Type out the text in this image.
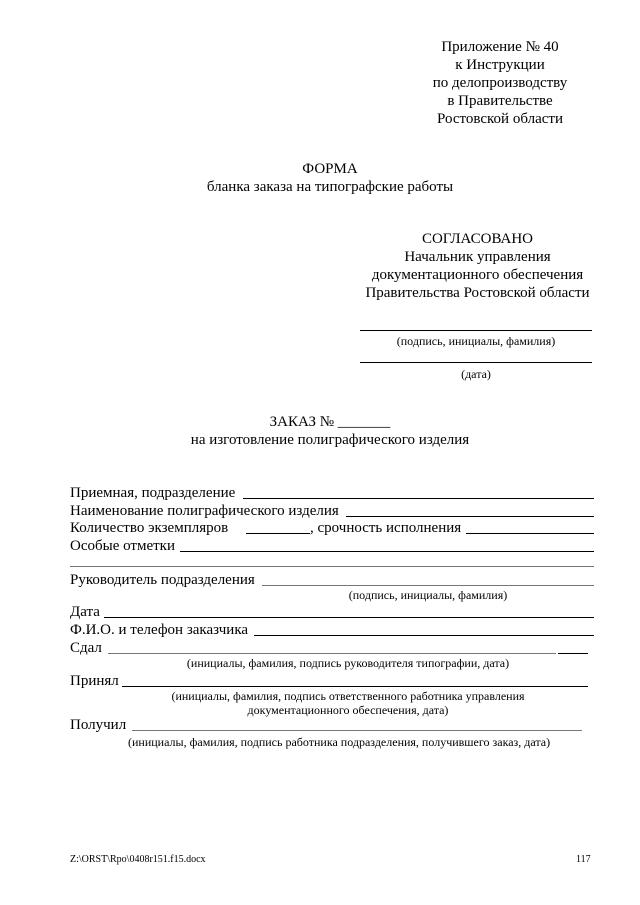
Приложение № 40
к Инструкции
по делопроизводству
в Правительстве
Ростовской области
ФОРМА
бланка заказа на типографские работы
СОГЛАСОВАНО
Начальник управления
документационного обеспечения
Правительства Ростовской области
(подпись, инициалы, фамилия)
(дата)
ЗАКАЗ № _______
на изготовление полиграфического изделия
Приемная, подразделение
Наименование полиграфического изделия
Количество экземпляров	, срочность исполнения
Особые отметки
Руководитель подразделения
(подпись, инициалы, фамилия)
Дата
Ф.И.О. и телефон заказчика
Сдал
(инициалы, фамилия, подпись руководителя типографии, дата)
Принял
(инициалы, фамилия, подпись ответственного работника управления
документационного обеспечения, дата)
Получил
(инициалы, фамилия, подпись работника подразделения, получившего заказ, дата)
Z:\ORST\Rpo\0408r151.f15.docx	117
